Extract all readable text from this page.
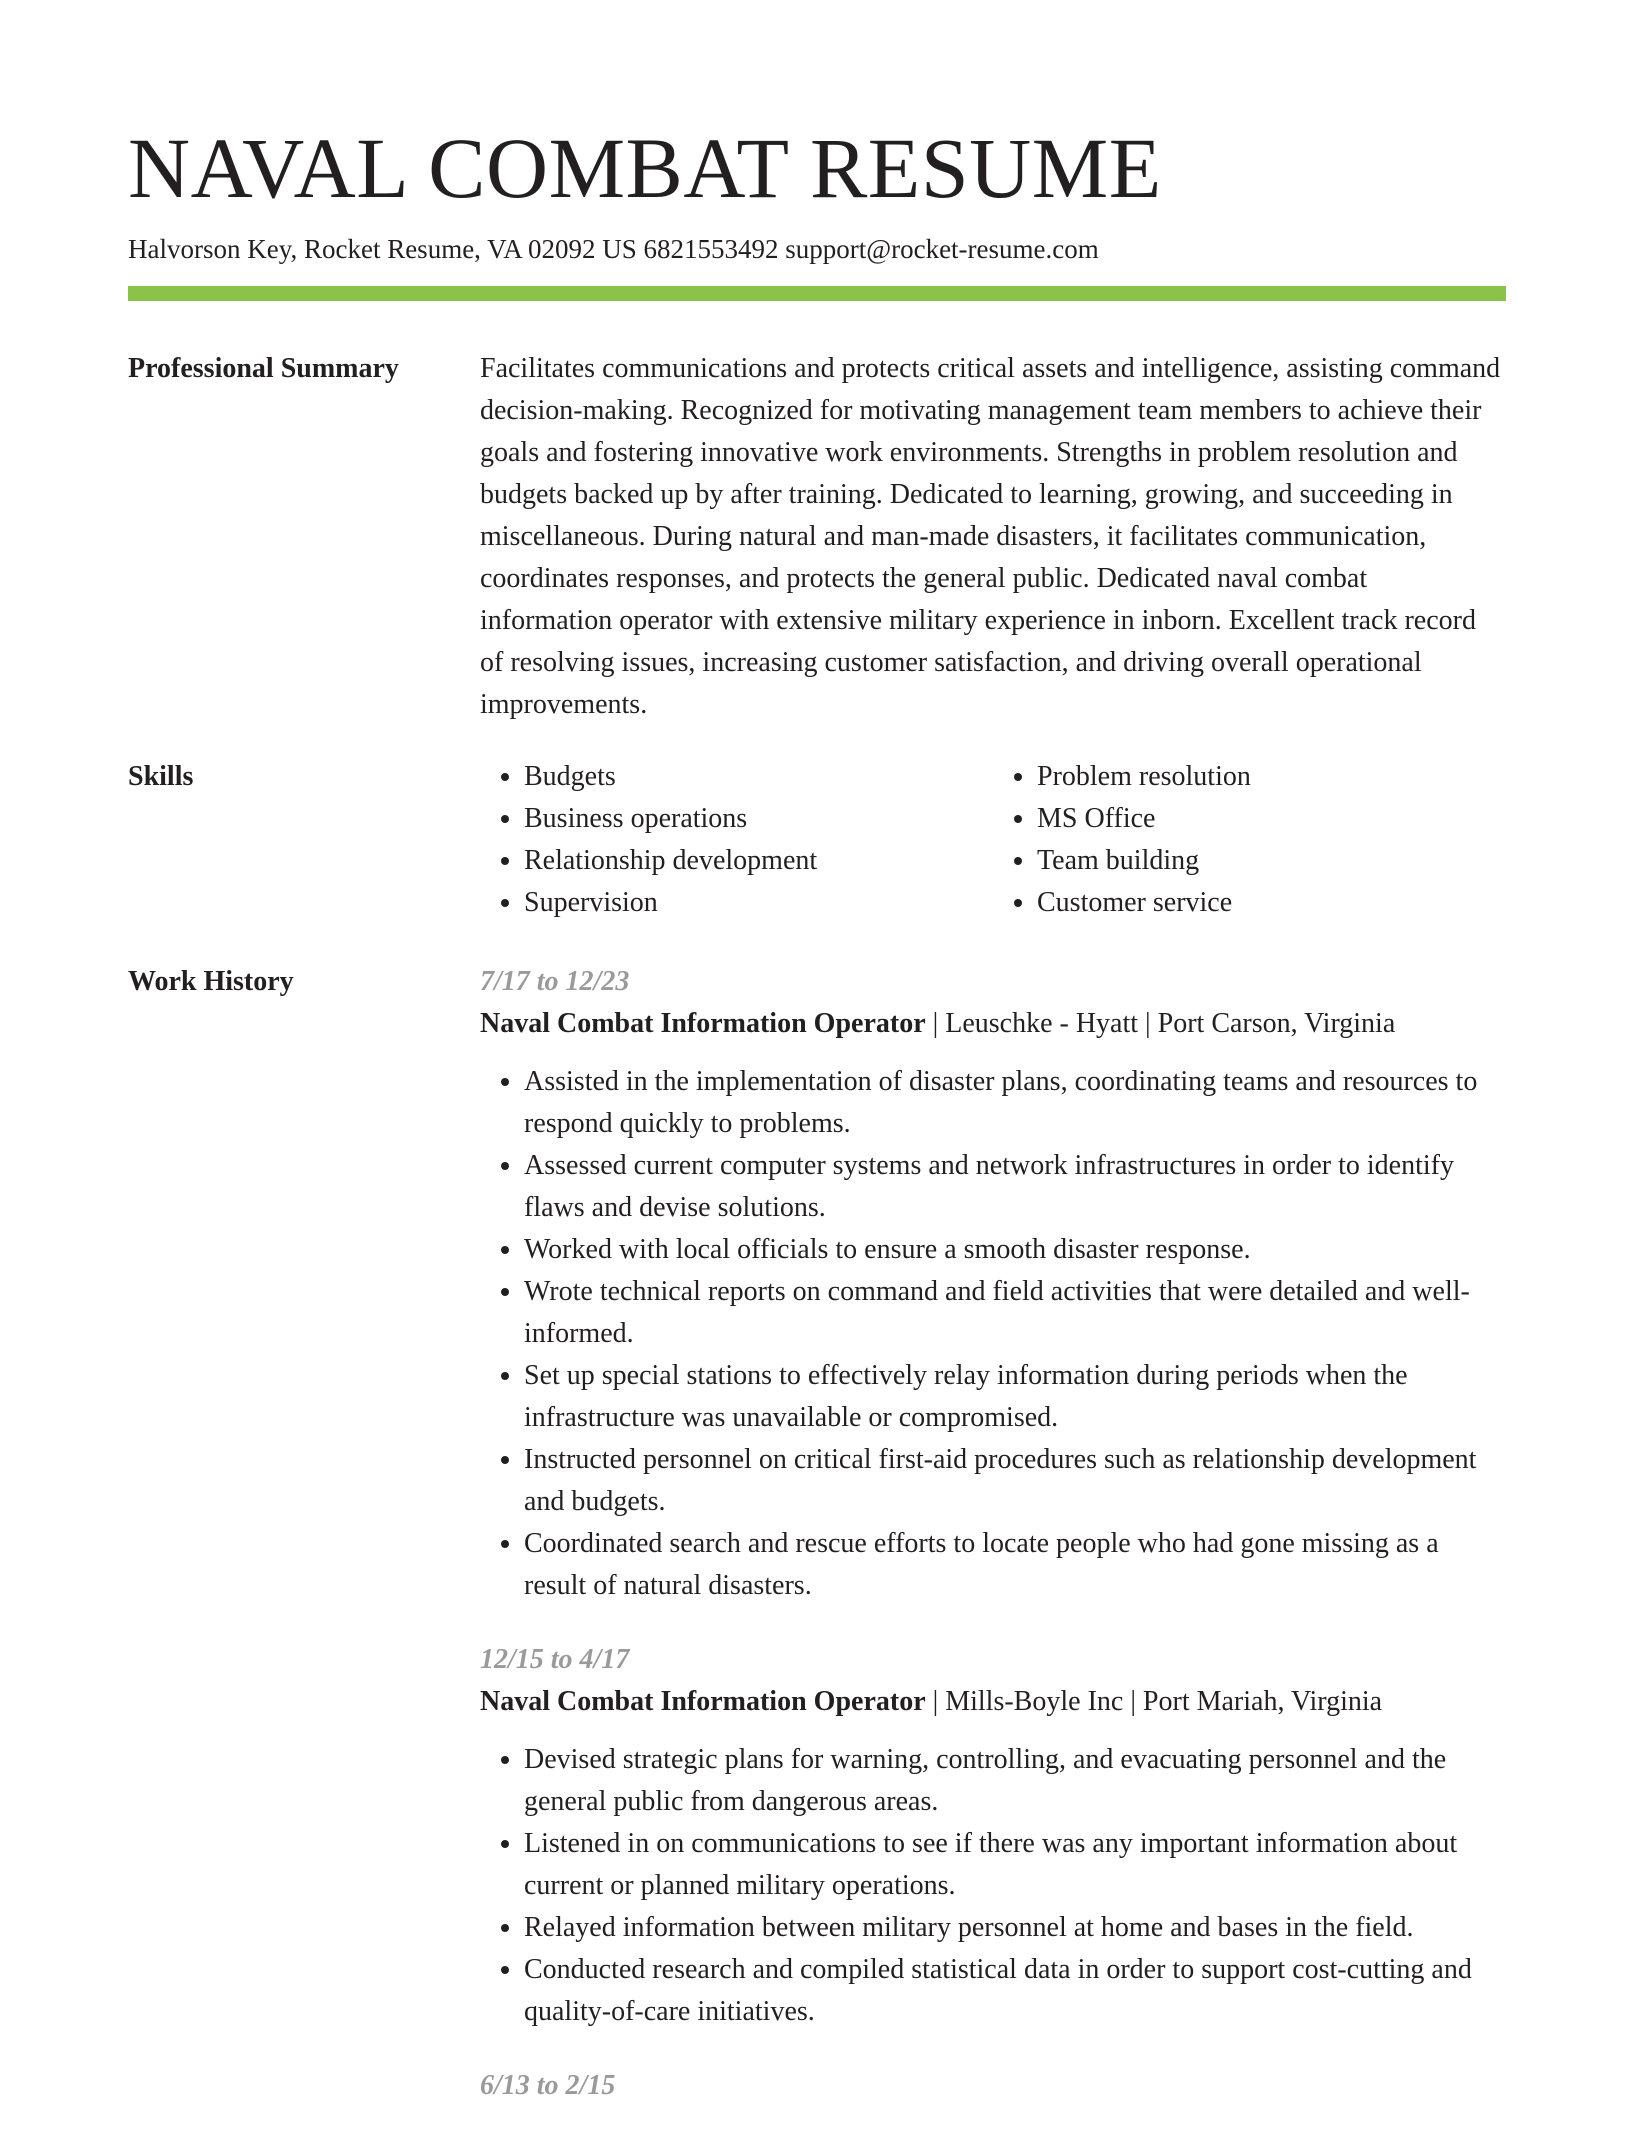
NAVAL COMBAT RESUME
Halvorson Key, Rocket Resume, VA 02092 US 6821553492 support@rocket-resume.com
Professional Summary	Facilitates communications and protects critical assets and intelligence, assisting command decision-making. Recognized for motivating management team members to achieve their goals and fostering innovative work environments. Strengths in problem resolution and budgets backed up by after training. Dedicated to learning, growing, and succeeding in miscellaneous. During natural and man-made disasters, it facilitates communication, coordinates responses, and protects the general public. Dedicated naval combat information operator with extensive military experience in inborn. Excellent track record of resolving issues, increasing customer satisfaction, and driving overall operational improvements.

Skills
•	Budgets
• Business operations
• Relationship development
• Supervision
• Problem resolution
• MS Office
• Team building
• Customer service
Work History	7/17 to 12/23
Naval Combat Information Operator | Leuschke - Hyatt | Port Carson, Virginia
• Assisted in the implementation of disaster plans, coordinating teams and resources to respond quickly to problems.
• Assessed current computer systems and network infrastructures in order to identify flaws and devise solutions.
• Worked with local officials to ensure a smooth disaster response.
• Wrote technical reports on command and field activities that were detailed and well-informed.
• Set up special stations to effectively relay information during periods when the infrastructure was unavailable or compromised.
• Instructed personnel on critical first-aid procedures such as relationship development and budgets.
• Coordinated search and rescue efforts to locate people who had gone missing as a result of natural disasters.
12/15 to 4/17
Naval Combat Information Operator | Mills-Boyle Inc | Port Mariah, Virginia
• Devised strategic plans for warning, controlling, and evacuating personnel and the general public from dangerous areas.
• Listened in on communications to see if there was any important information about current or planned military operations.
• Relayed information between military personnel at home and bases in the field.
• Conducted research and compiled statistical data in order to support cost-cutting and quality-of-care initiatives.
6/13 to 2/15
